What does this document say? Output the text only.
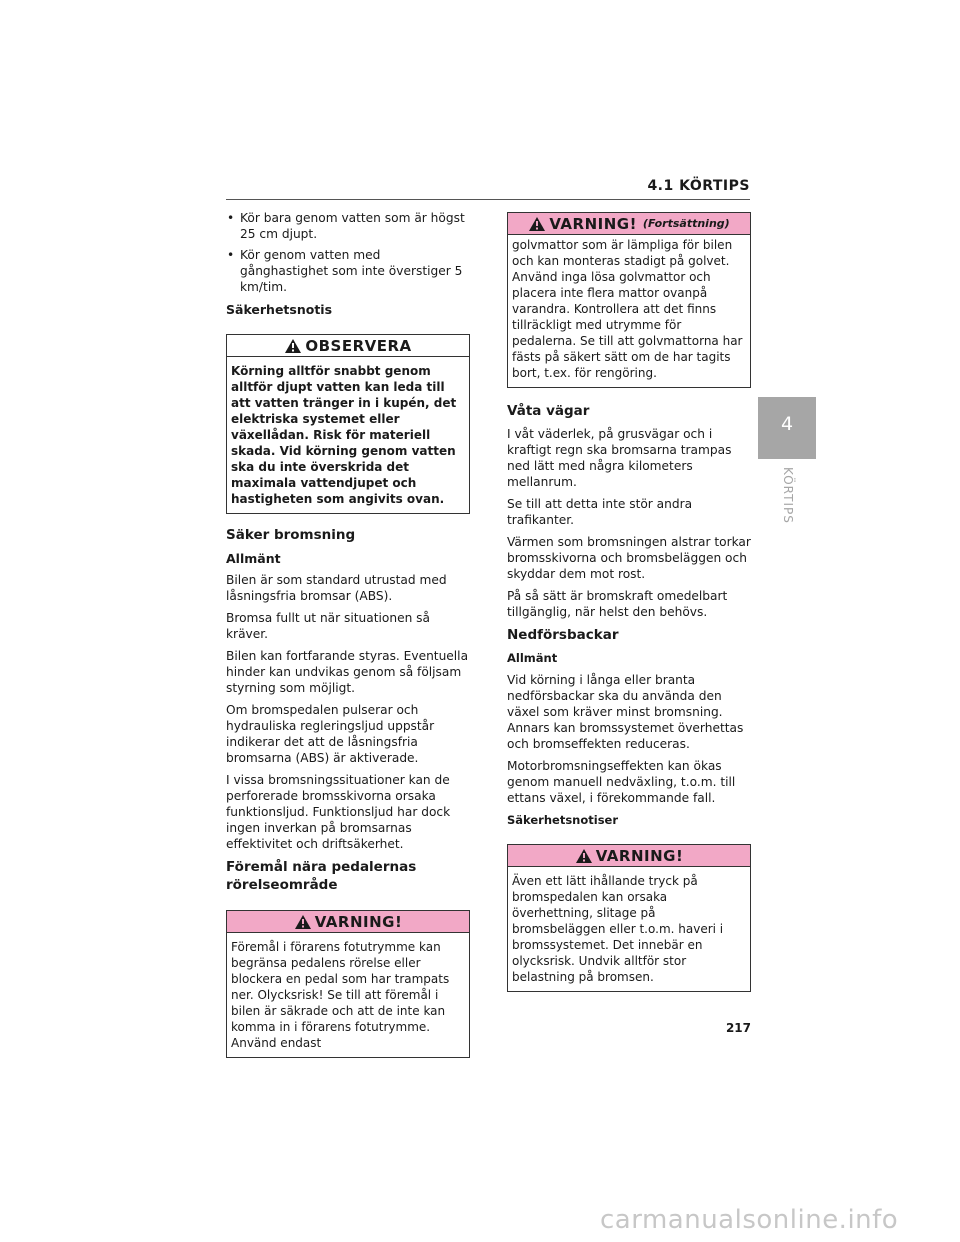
4.1 KÖRTIPS
4
KÖRTIPS
• Kör bara genom vatten som är högst 25 cm djupt.
• Kör genom vatten med gånghastighet som inte överstiger 5 km/tim.
Säkerhetsnotis
OBSERVERA
Körning alltför snabbt genom alltför djupt vatten kan leda till att vatten tränger in i kupén, det elektriska systemet eller växellådan. Risk för materiell skada. Vid körning genom vatten ska du inte överskrida det maximala vattendjupet och hastigheten som angivits ovan.
Säker bromsning
Allmänt
Bilen är som standard utrustad med låsningsfria bromsar (ABS).
Bromsa fullt ut när situationen så kräver.
Bilen kan fortfarande styras. Eventuella hinder kan undvikas genom så följsam styrning som möjligt.
Om bromspedalen pulserar och hydrauliska regleringsljud uppstår indikerar det att de låsningsfria bromsarna (ABS) är aktiverade.
I vissa bromsningssituationer kan de perforerade bromsskivorna orsaka funktionsljud. Funktionsljud har dock ingen inverkan på bromsarnas effektivitet och driftsäkerhet.
Föremål nära pedalernas
rörelseområde
VARNING!
Föremål i förarens fotutrymme kan begränsa pedalens rörelse eller blockera en pedal som har trampats ner. Olycksrisk! Se till att föremål i bilen är säkrade och att de inte kan komma in i förarens fotutrymme. Använd endast
VARNING! (Fortsättning)
golvmattor som är lämpliga för bilen och kan monteras stadigt på golvet. Använd inga lösa golvmattor och placera inte flera mattor ovanpå varandra. Kontrollera att det finns tillräckligt med utrymme för pedalerna. Se till att golvmattorna har fästs på säkert sätt om de har tagits bort, t.ex. för rengöring.
Våta vägar
I våt väderlek, på grusvägar och i kraftigt regn ska bromsarna trampas ned lätt med några kilometers mellanrum.
Se till att detta inte stör andra trafikanter.
Värmen som bromsningen alstrar torkar bromsskivorna och bromsbeläggen och skyddar dem mot rost.
På så sätt är bromskraft omedelbart tillgänglig, när helst den behövs.
Nedförsbackar
Allmänt
Vid körning i långa eller branta nedförsbackar ska du använda den växel som kräver minst bromsning. Annars kan bromssystemet överhettas och bromseffekten reduceras.
Motorbromsningseffekten kan ökas genom manuell nedväxling, t.o.m. till ettans växel, i förekommande fall.
Säkerhetsnotiser
VARNING!
Även ett lätt ihållande tryck på bromspedalen kan orsaka överhettning, slitage på bromsbeläggen eller t.o.m. haveri i bromssystemet. Det innebär en olycksrisk. Undvik alltför stor belastning på bromsen.
217
carmanualsonline.info
